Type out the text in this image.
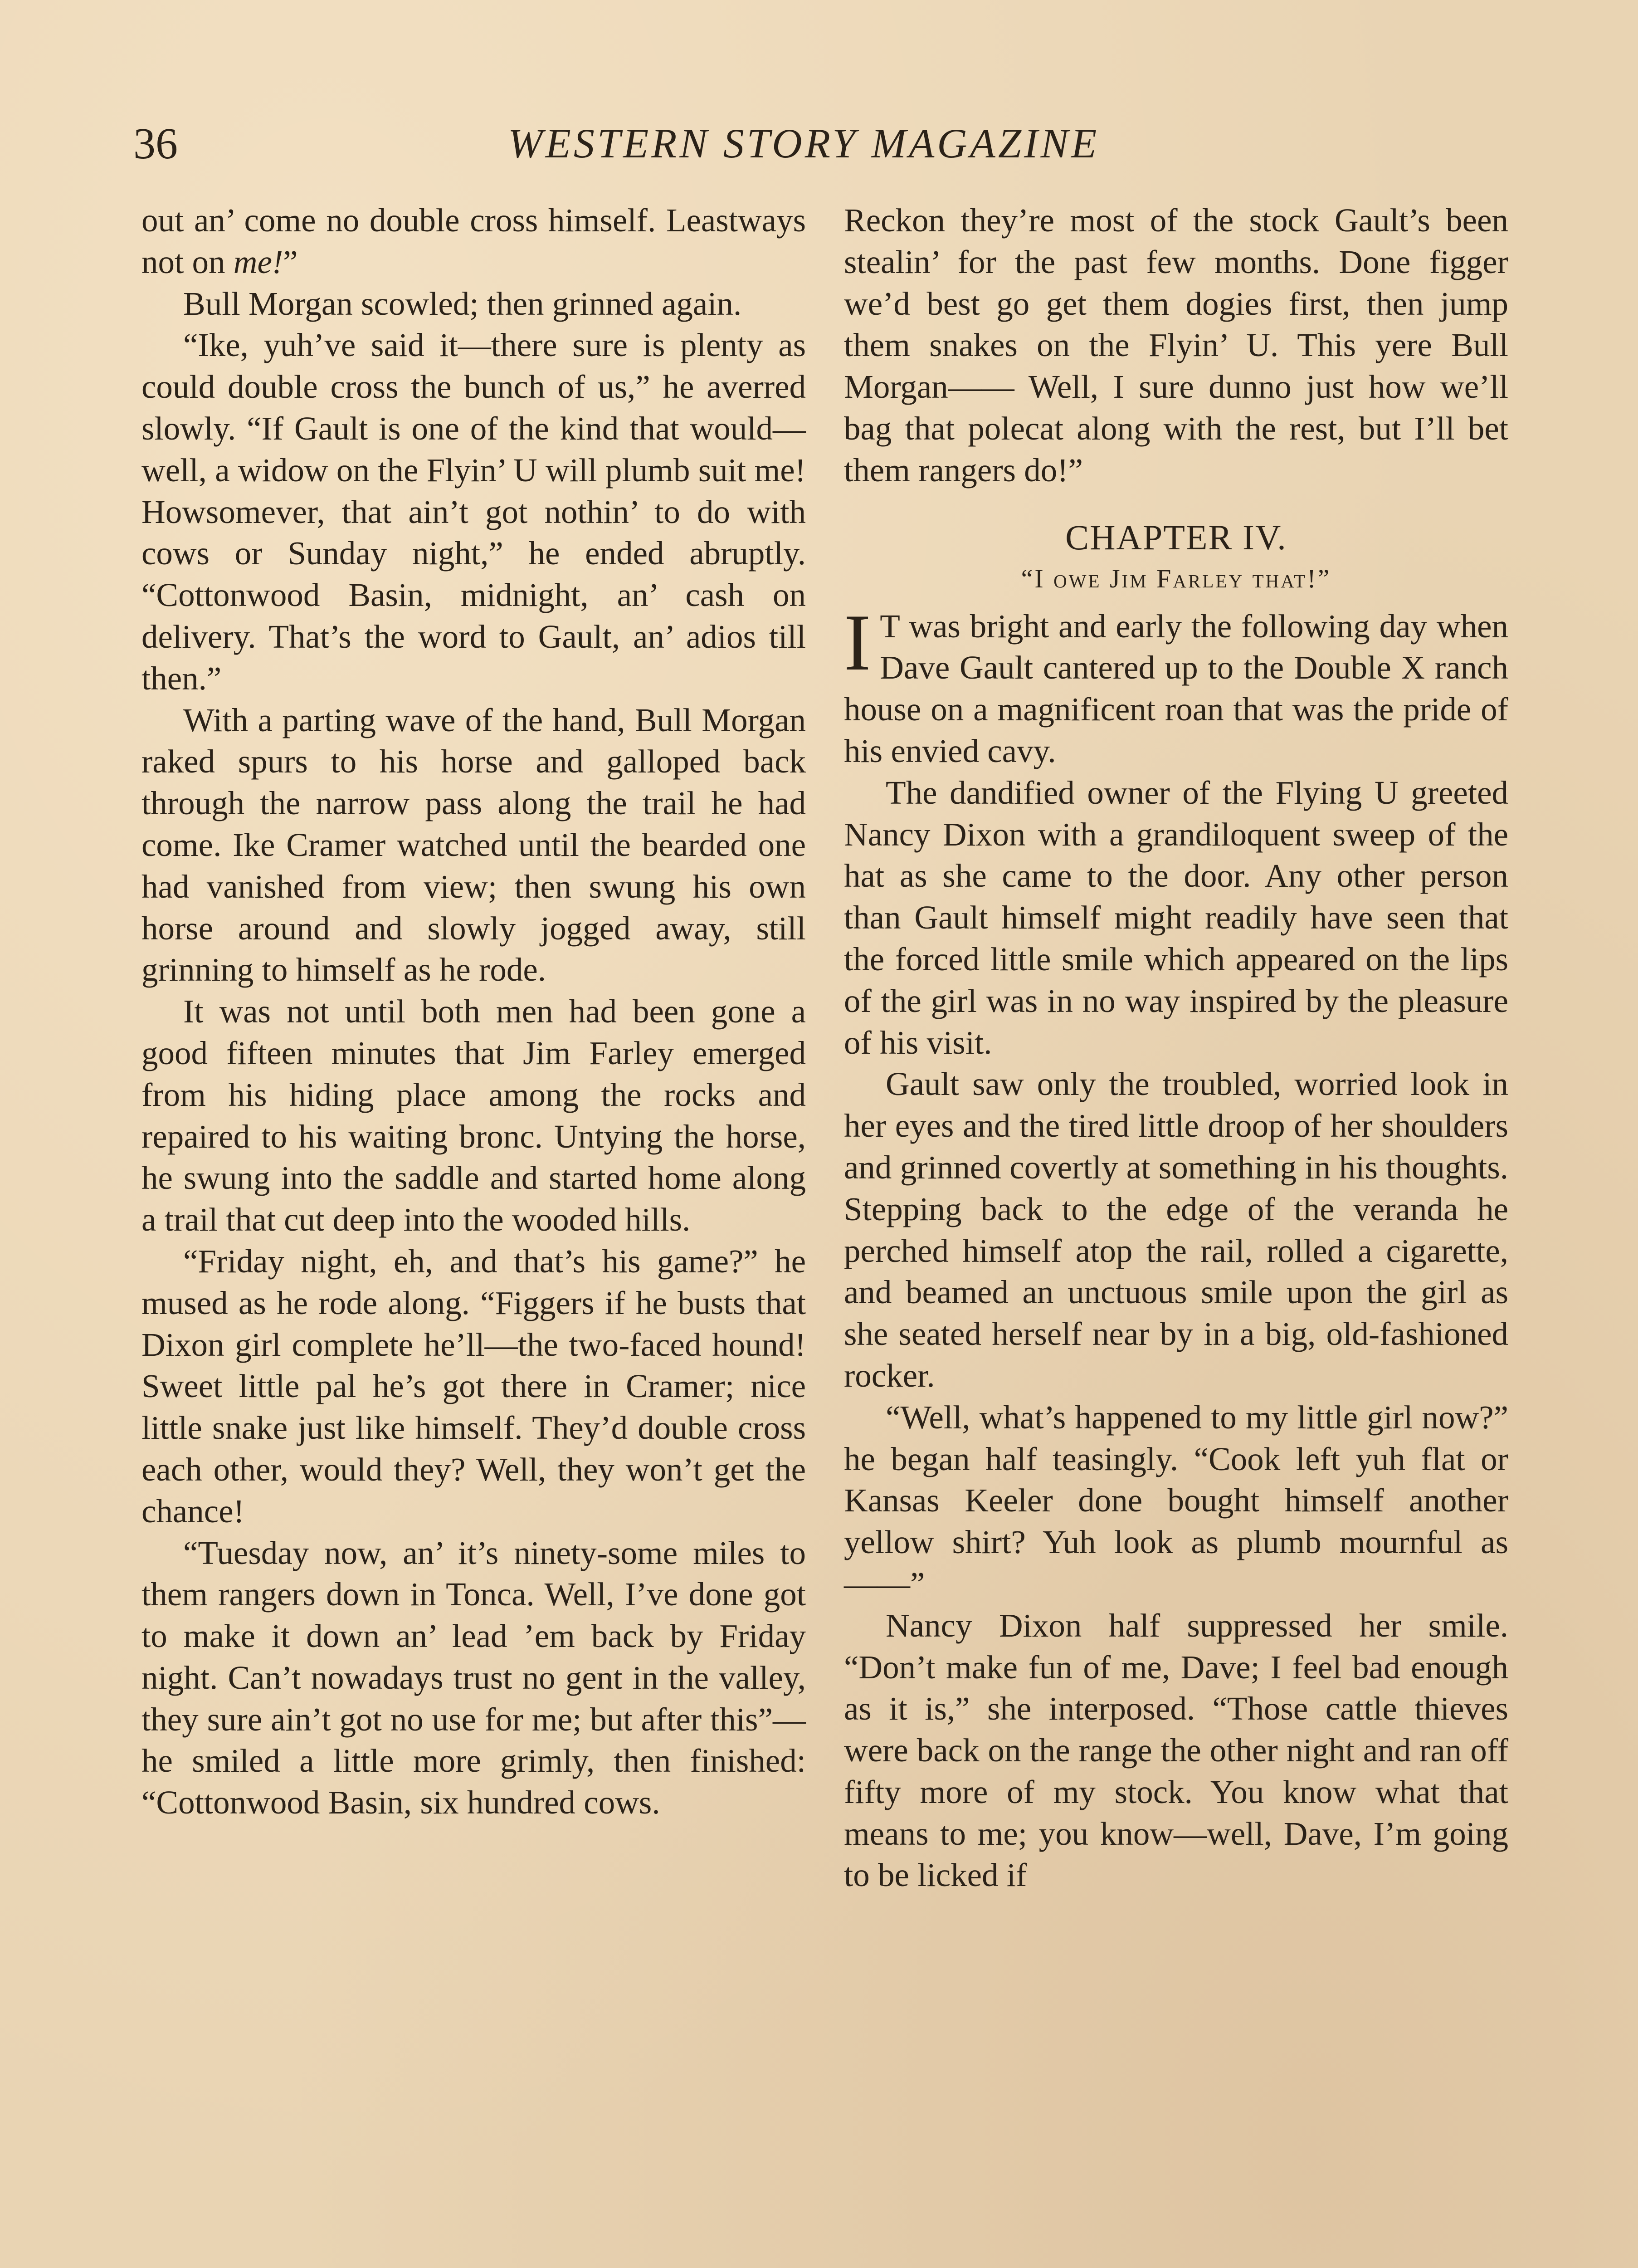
36	WESTERN STORY MAGAZINE

out an’ come no double cross himself. Leastways not on me!”

Bull Morgan scowled; then grinned again.

“Ike, yuh’ve said it—there sure is plenty as could double cross the bunch of us,” he averred slowly. “If Gault is one of the kind that would—well, a widow on the Flyin’ U will plumb suit me! Howsomever, that ain’t got nothin’ to do with cows or Sunday night,” he ended abruptly. “Cottonwood Basin, midnight, an’ cash on delivery. That’s the word to Gault, an’ adios till then.”

With a parting wave of the hand, Bull Morgan raked spurs to his horse and galloped back through the narrow pass along the trail he had come. Ike Cramer watched until the bearded one had vanished from view; then swung his own horse around and slowly jogged away, still grinning to himself as he rode.

It was not until both men had been gone a good fifteen minutes that Jim Farley emerged from his hiding place among the rocks and repaired to his waiting bronc. Untying the horse, he swung into the saddle and started home along a trail that cut deep into the wooded hills.

“Friday night, eh, and that’s his game?” he mused as he rode along. “Figgers if he busts that Dixon girl complete he’ll—the two-faced hound! Sweet little pal he’s got there in Cramer; nice little snake just like himself. They’d double cross each other, would they? Well, they won’t get the chance!

“Tuesday now, an’ it’s ninety-some miles to them rangers down in Tonca. Well, I’ve done got to make it down an’ lead ’em back by Friday night. Can’t nowadays trust no gent in the valley, they sure ain’t got no use for me; but after this”—he smiled a little more grimly, then finished: “Cottonwood Basin, six hundred cows.

Reckon they’re most of the stock Gault’s been stealin’ for the past few months. Done figger we’d best go get them dogies first, then jump them snakes on the Flyin’ U. This yere Bull Morgan—— Well, I sure dunno just how we’ll bag that polecat along with the rest, but I’ll bet them rangers do!”

CHAPTER IV.
“I owe Jim Farley that!”

I T was bright and early the following day when Dave Gault cantered up to the Double X ranch house on a magnificent roan that was the pride of his envied cavy.

The dandified owner of the Flying U greeted Nancy Dixon with a grandiloquent sweep of the hat as she came to the door. Any other person than Gault himself might readily have seen that the forced little smile which appeared on the lips of the girl was in no way inspired by the pleasure of his visit.

Gault saw only the troubled, worried look in her eyes and the tired little droop of her shoulders and grinned covertly at something in his thoughts. Stepping back to the edge of the veranda he perched himself atop the rail, rolled a cigarette, and beamed an unctuous smile upon the girl as she seated herself near by in a big, old-fashioned rocker.

“Well, what’s happened to my little girl now?” he began half teasingly. “Cook left yuh flat or Kansas Keeler done bought himself another yellow shirt? Yuh look as plumb mournful as——”

Nancy Dixon half suppressed her smile. “Don’t make fun of me, Dave; I feel bad enough as it is,” she interposed. “Those cattle thieves were back on the range the other night and ran off fifty more of my stock. You know what that means to me; you know—well, Dave, I’m going to be licked if
